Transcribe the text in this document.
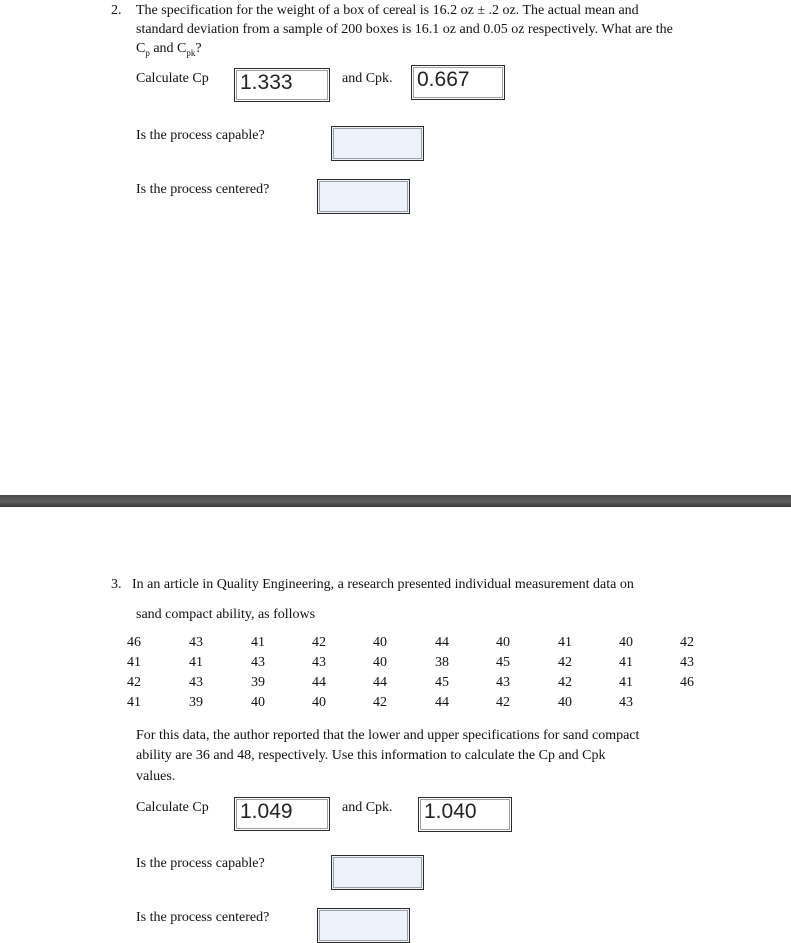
2. The specification for the weight of a box of cereal is 16.2 oz ± .2 oz. The actual mean and
standard deviation from a sample of 200 boxes is 16.1 oz and 0.05 oz respectively. What are the
$C_p$ and $C_{pk}$?
Calculate Cp 1.333	and Cpk. 0.667
Is the process capable?
Is the process centered?
3. In an article in Quality Engineering, a research presented individual measurement data on
sand compact ability, as follows
46	43	41	42	40	44	40	41	40	42
41	41	43	43	40	38	45	42	41	43
42	43	39	44	44	45	43	42	41	46
41	39	40	40	42	44	42	40	43
For this data, the author reported that the lower and upper specifications for sand compact
ability are 36 and 48, respectively. Use this information to calculate the Cp and Cpk
values.
Calculate Cp 1.049	and Cpk. 1.040
Is the process capable?
Is the process centered?
